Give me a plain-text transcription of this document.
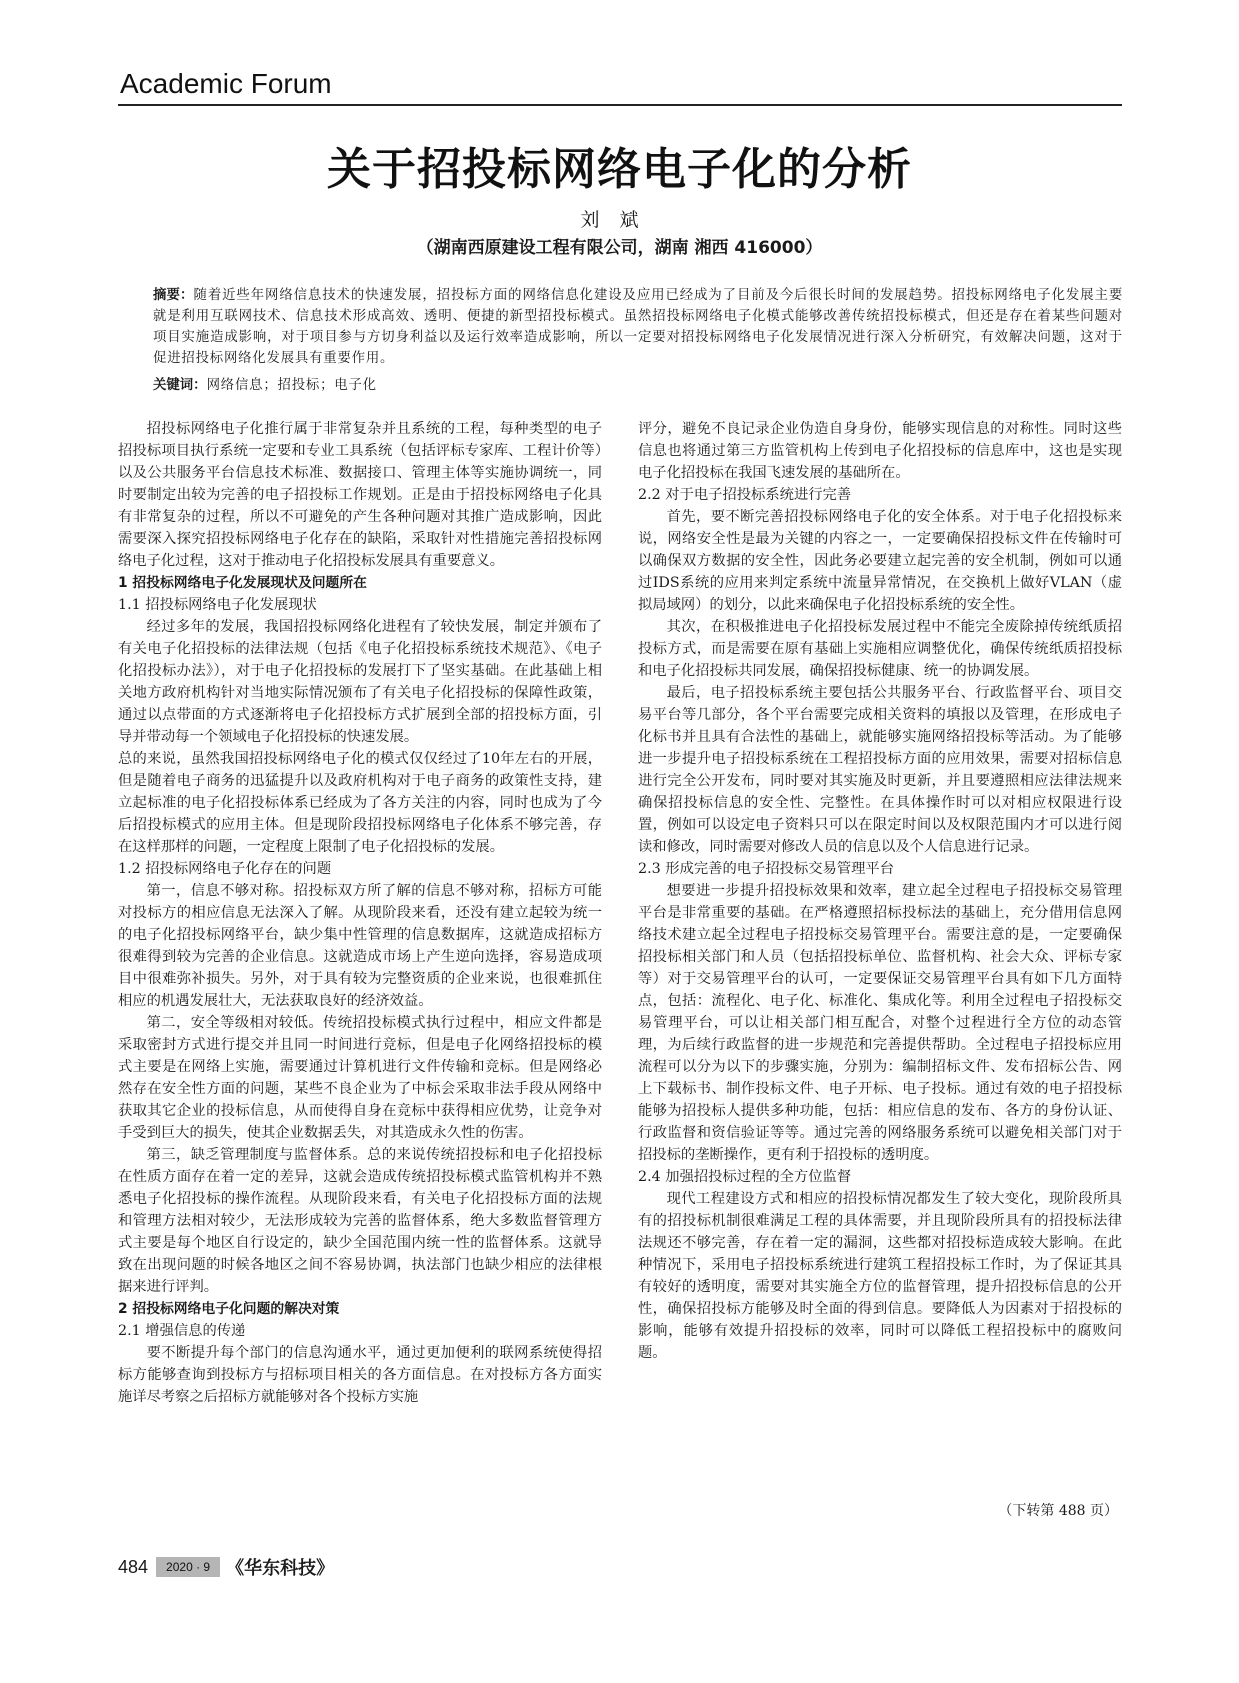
Academic Forum
关于招投标网络电子化的分析
刘斌
（湖南西原建设工程有限公司，湖南 湘西 416000）
摘要：随着近些年网络信息技术的快速发展，招投标方面的网络信息化建设及应用已经成为了目前及今后很长时间的发展趋势。招投标网络电子化发展主要就是利用互联网技术、信息技术形成高效、透明、便捷的新型招投标模式。虽然招投标网络电子化模式能够改善传统招投标模式，但还是存在着某些问题对项目实施造成影响，对于项目参与方切身利益以及运行效率造成影响，所以一定要对招投标网络电子化发展情况进行深入分析研究，有效解决问题，这对于促进招投标网络化发展具有重要作用。
关键词：网络信息；招投标；电子化

招投标网络电子化推行属于非常复杂并且系统的工程，每种类型的电子招投标项目执行系统一定要和专业工具系统（包括评标专家库、工程计价等）以及公共服务平台信息技术标准、数据接口、管理主体等实施协调统一，同时要制定出较为完善的电子招投标工作规划。正是由于招投标网络电子化具有非常复杂的过程，所以不可避免的产生各种问题对其推广造成影响，因此需要深入探究招投标网络电子化存在的缺陷，采取针对性措施完善招投标网络电子化过程，这对于推动电子化招投标发展具有重要意义。

1 招投标网络电子化发展现状及问题所在
1.1 招投标网络电子化发展现状

经过多年的发展，我国招投标网络化进程有了较快发展，制定并颁布了有关电子化招投标的法律法规（包括《电子化招投标系统技术规范》、《电子化招投标办法》），对于电子化招投标的发展打下了坚实基础。在此基础上相关地方政府机构针对当地实际情况颁布了有关电子化招投标的保障性政策，通过以点带面的方式逐渐将电子化招投标方式扩展到全部的招投标方面，引导并带动每一个领域电子化招投标的快速发展。

总的来说，虽然我国招投标网络电子化的模式仅仅经过了10年左右的开展，但是随着电子商务的迅猛提升以及政府机构对于电子商务的政策性支持，建立起标准的电子化招投标体系已经成为了各方关注的内容，同时也成为了今后招投标模式的应用主体。但是现阶段招投标网络电子化体系不够完善，存在这样那样的问题，一定程度上限制了电子化招投标的发展。

1.2 招投标网络电子化存在的问题

第一，信息不够对称。招投标双方所了解的信息不够对称，招标方可能对投标方的相应信息无法深入了解。从现阶段来看，还没有建立起较为统一的电子化招投标网络平台，缺少集中性管理的信息数据库，这就造成招标方很难得到较为完善的企业信息。这就造成市场上产生逆向选择，容易造成项目中很难弥补损失。另外，对于具有较为完整资质的企业来说，也很难抓住相应的机遇发展壮大，无法获取良好的经济效益。

第二，安全等级相对较低。传统招投标模式执行过程中，相应文件都是采取密封方式进行提交并且同一时间进行竞标，但是电子化网络招投标的模式主要是在网络上实施，需要通过计算机进行文件传输和竞标。但是网络必然存在安全性方面的问题，某些不良企业为了中标会采取非法手段从网络中获取其它企业的投标信息，从而使得自身在竞标中获得相应优势，让竞争对手受到巨大的损失，使其企业数据丢失，对其造成永久性的伤害。

第三，缺乏管理制度与监督体系。总的来说传统招投标和电子化招投标在性质方面存在着一定的差异，这就会造成传统招投标模式监管机构并不熟悉电子化招投标的操作流程。从现阶段来看，有关电子化招投标方面的法规和管理方法相对较少，无法形成较为完善的监督体系，绝大多数监督管理方式主要是每个地区自行设定的，缺少全国范围内统一性的监督体系。这就导致在出现问题的时候各地区之间不容易协调，执法部门也缺少相应的法律根据来进行评判。

2 招投标网络电子化问题的解决对策
2.1 增强信息的传递

要不断提升每个部门的信息沟通水平，通过更加便利的联网系统使得招标方能够查询到投标方与招标项目相关的各方面信息。在对投标方各方面实施详尽考察之后招标方就能够对各个投标方实施

评分，避免不良记录企业伪造自身身份，能够实现信息的对称性。同时这些信息也将通过第三方监管机构上传到电子化招投标的信息库中，这也是实现电子化招投标在我国飞速发展的基础所在。

2.2 对于电子招投标系统进行完善

首先，要不断完善招投标网络电子化的安全体系。对于电子化招投标来说，网络安全性是最为关键的内容之一，一定要确保招投标文件在传输时可以确保双方数据的安全性，因此务必要建立起完善的安全机制，例如可以通过IDS系统的应用来判定系统中流量异常情况，在交换机上做好VLAN（虚拟局域网）的划分，以此来确保电子化招投标系统的安全性。

其次，在积极推进电子化招投标发展过程中不能完全废除掉传统纸质招投标方式，而是需要在原有基础上实施相应调整优化，确保传统纸质招投标和电子化招投标共同发展，确保招投标健康、统一的协调发展。

最后，电子招投标系统主要包括公共服务平台、行政监督平台、项目交易平台等几部分，各个平台需要完成相关资料的填报以及管理，在形成电子化标书并且具有合法性的基础上，就能够实施网络招投标等活动。为了能够进一步提升电子招投标系统在工程招投标方面的应用效果，需要对招标信息进行完全公开发布，同时要对其实施及时更新，并且要遵照相应法律法规来确保招投标信息的安全性、完整性。在具体操作时可以对相应权限进行设置，例如可以设定电子资料只可以在限定时间以及权限范围内才可以进行阅读和修改，同时需要对修改人员的信息以及个人信息进行记录。

2.3 形成完善的电子招投标交易管理平台

想要进一步提升招投标效果和效率，建立起全过程电子招投标交易管理平台是非常重要的基础。在严格遵照招标投标法的基础上，充分借用信息网络技术建立起全过程电子招投标交易管理平台。需要注意的是，一定要确保招投标相关部门和人员（包括招投标单位、监督机构、社会大众、评标专家等）对于交易管理平台的认可，一定要保证交易管理平台具有如下几方面特点，包括：流程化、电子化、标准化、集成化等。利用全过程电子招投标交易管理平台，可以让相关部门相互配合，对整个过程进行全方位的动态管理，为后续行政监督的进一步规范和完善提供帮助。全过程电子招投标应用流程可以分为以下的步骤实施，分别为：编制招标文件、发布招标公告、网上下载标书、制作投标文件、电子开标、电子投标。通过有效的电子招投标能够为招投标人提供多种功能，包括：相应信息的发布、各方的身份认证、行政监督和资信验证等等。通过完善的网络服务系统可以避免相关部门对于招投标的垄断操作，更有利于招投标的透明度。

2.4 加强招投标过程的全方位监督

现代工程建设方式和相应的招投标情况都发生了较大变化，现阶段所具有的招投标机制很难满足工程的具体需要，并且现阶段所具有的招投标法律法规还不够完善，存在着一定的漏洞，这些都对招投标造成较大影响。在此种情况下，采用电子招投标系统进行建筑工程招投标工作时，为了保证其具有较好的透明度，需要对其实施全方位的监督管理，提升招投标信息的公开性，确保招投标方能够及时全面的得到信息。要降低人为因素对于招投标的影响，能够有效提升招投标的效率，同时可以降低工程招投标中的腐败问题。

（下转第 488 页）
484	2020 · 9 《华东科技》
